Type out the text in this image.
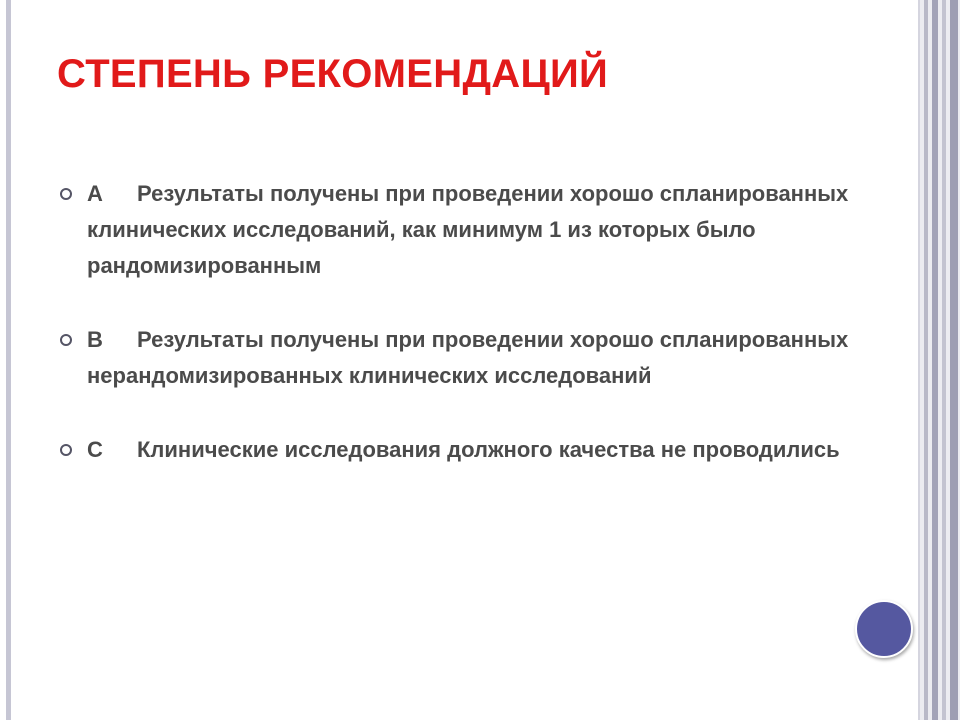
СТЕПЕНЬ РЕКОМЕНДАЦИЙ
A Результаты получены при проведении хорошо спланированных клинических исследований, как минимум 1 из которых было рандомизированным
B Результаты получены при проведении хорошо спланированных нерандомизированных клинических исследований
C Клинические исследования должного качества не проводились
